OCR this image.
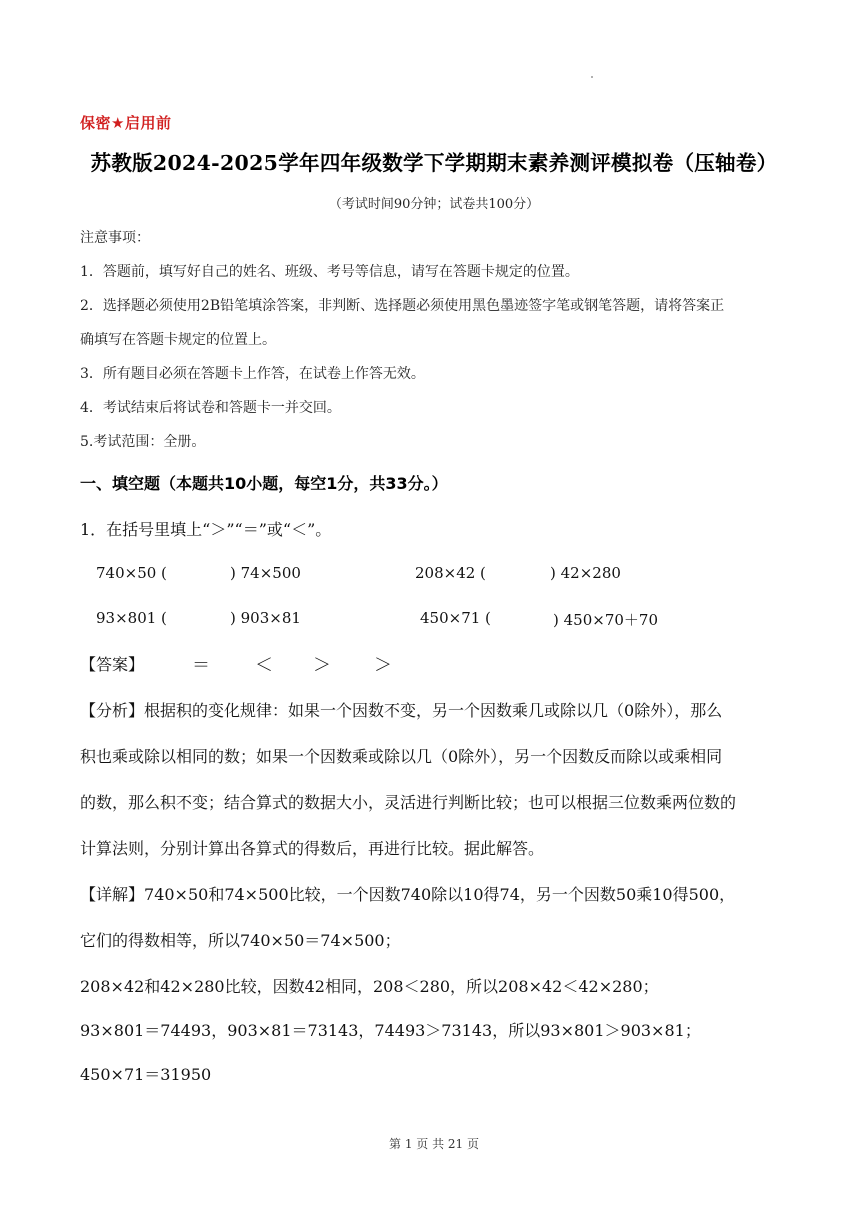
保密★启用前
苏教版2024-2025学年四年级数学下学期期末素养测评模拟卷（压轴卷）
（考试时间90分钟；试卷共100分）
注意事项：
1．答题前，填写好自己的姓名、班级、考号等信息，请写在答题卡规定的位置。
2．选择题必须使用2B铅笔填涂答案，非判断、选择题必须使用黑色墨迹签字笔或钢笔答题，请将答案正
确填写在答题卡规定的位置上。
3．所有题目必须在答题卡上作答，在试卷上作答无效。
4．考试结束后将试卷和答题卡一并交回。
5.考试范围：全册。
一、填空题（本题共10小题，每空1分，共33分。）
1．在括号里填上“＞”“＝”或“＜”。
740×50 (	) 74×500	208×42 (	) 42×280
93×801 (	) 903×81	450×71 (	) 450×70＋70
【答案】	＝	＜ ＞ ＞
【分析】根据积的变化规律：如果一个因数不变，另一个因数乘几或除以几（0除外），那么
积也乘或除以相同的数；如果一个因数乘或除以几（0除外），另一个因数反而除以或乘相同
的数，那么积不变；结合算式的数据大小，灵活进行判断比较；也可以根据三位数乘两位数的
计算法则，分别计算出各算式的得数后，再进行比较。据此解答。
【详解】740×50和74×500比较，一个因数740除以10得74，另一个因数50乘10得500，
它们的得数相等，所以740×50＝74×500；
208×42和42×280比较，因数42相同，208＜280，所以208×42＜42×280；
93×801＝74493，903×81＝73143，74493＞73143，所以93×801＞903×81；
450×71＝31950
第 1 页 共 21 页
